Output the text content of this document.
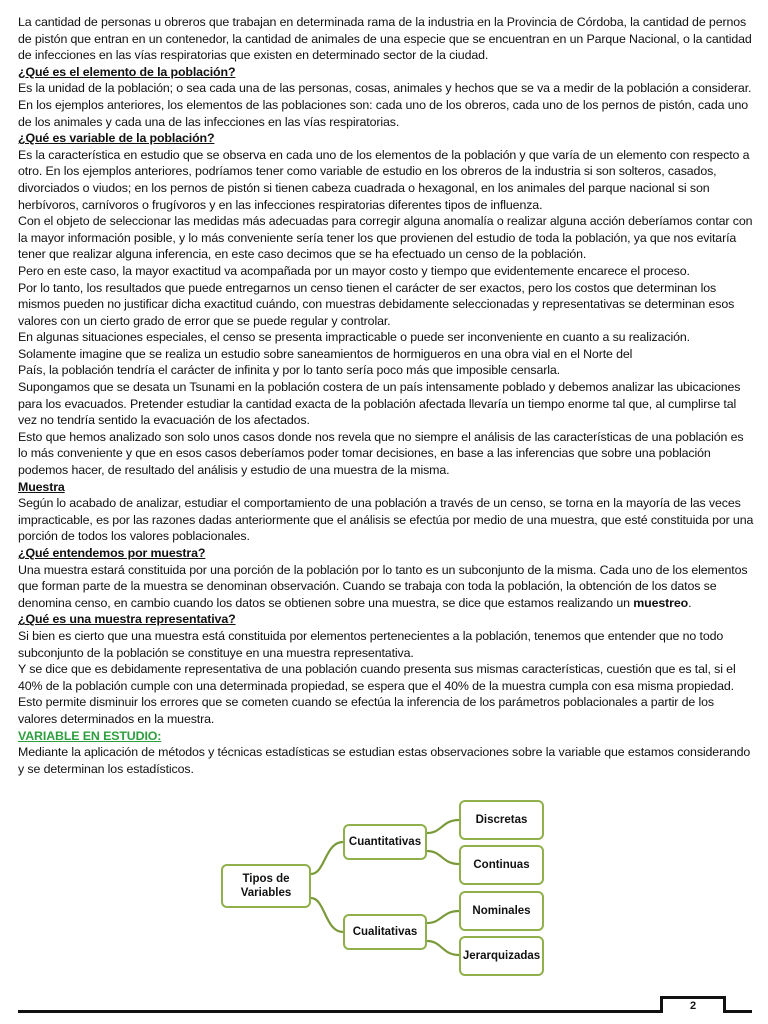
La cantidad de personas u obreros que trabajan en determinada rama de la industria en la Provincia de Córdoba, la cantidad de pernos de pistón que entran en un contenedor, la cantidad de animales de una especie que se encuentran en un Parque Nacional, o la cantidad de infecciones en las vías respiratorias que existen en determinado sector de la ciudad.

¿Qué es el elemento de la población?

Es la unidad de la población; o sea cada una de las personas, cosas, animales y hechos que se va a medir de la población a considerar. En los ejemplos anteriores, los elementos de las poblaciones son: cada uno de los obreros, cada uno de los pernos de pistón, cada uno de los animales y cada una de las infecciones en las vías respiratorias.

¿Qué es variable de la población?

Es la característica en estudio que se observa en cada uno de los elementos de la población y que varía de un elemento con respecto a otro. En los ejemplos anteriores, podríamos tener como variable de estudio en los obreros de la industria si son solteros, casados, divorciados o viudos; en los pernos de pistón si tienen cabeza cuadrada o hexagonal, en los animales del parque nacional si son herbívoros, carnívoros o frugívoros y en las infecciones respiratorias diferentes tipos de influenza.

Con el objeto de seleccionar las medidas más adecuadas para corregir alguna anomalía o realizar alguna acción deberíamos contar con la mayor información posible, y lo más conveniente sería tener los que provienen del estudio de toda la población, ya que nos evitaría tener que realizar alguna inferencia, en este caso decimos que se ha efectuado un censo de la población.

Pero en este caso, la mayor exactitud va acompañada por un mayor costo y tiempo que evidentemente encarece el proceso.

Por lo tanto, los resultados que puede entregarnos un censo tienen el carácter de ser exactos, pero los costos que determinan los mismos pueden no justificar dicha exactitud cuándo, con muestras debidamente seleccionadas y representativas se determinan esos valores con un cierto grado de error que se puede regular y controlar.

En algunas situaciones especiales, el censo se presenta impracticable o puede ser inconveniente en cuanto a su realización.

Solamente imagine que se realiza un estudio sobre saneamientos de hormigueros en una obra vial en el Norte del

País, la población tendría el carácter de infinita y por lo tanto sería poco más que imposible censarla.

Supongamos que se desata un Tsunami en la población costera de un país intensamente poblado y debemos analizar las ubicaciones para los evacuados. Pretender estudiar la cantidad exacta de la población afectada llevaría un tiempo enorme tal que, al cumplirse tal vez no tendría sentido la evacuación de los afectados.

Esto que hemos analizado son solo unos casos donde nos revela que no siempre el análisis de las características de una población es lo más conveniente y que en esos casos deberíamos poder tomar decisiones, en base a las inferencias que sobre una población podemos hacer, de resultado del análisis y estudio de una muestra de la misma.

Muestra

Según lo acabado de analizar, estudiar el comportamiento de una población a través de un censo, se torna en la mayoría de las veces impracticable, es por las razones dadas anteriormente que el análisis se efectúa por medio de una muestra, que esté constituida por una porción de todos los valores poblacionales.

¿Qué entendemos por muestra?

Una muestra estará constituida por una porción de la población por lo tanto es un subconjunto de la misma. Cada uno de los elementos que forman parte de la muestra se denominan observación. Cuando se trabaja con toda la población, la obtención de los datos se denomina censo, en cambio cuando los datos se obtienen sobre una muestra, se dice que estamos realizando un muestreo.

¿Qué es una muestra representativa?

Si bien es cierto que una muestra está constituida por elementos pertenecientes a la población, tenemos que entender que no todo subconjunto de la población se constituye en una muestra representativa.

Y se dice que es debidamente representativa de una población cuando presenta sus mismas características, cuestión que es tal, si el 40% de la población cumple con una determinada propiedad, se espera que el 40% de la muestra cumpla con esa misma propiedad.

Esto permite disminuir los errores que se cometen cuando se efectúa la inferencia de los parámetros poblacionales a partir de los valores determinados en la muestra.

VARIABLE EN ESTUDIO:

Mediante la aplicación de métodos y técnicas estadísticas se estudian estas observaciones sobre la variable que estamos considerando y se determinan los estadísticos.

Tipos de Variables
Cuantitativas
Cualitativas
Discretas
Continuas
Nominales
Jerarquizadas
2
